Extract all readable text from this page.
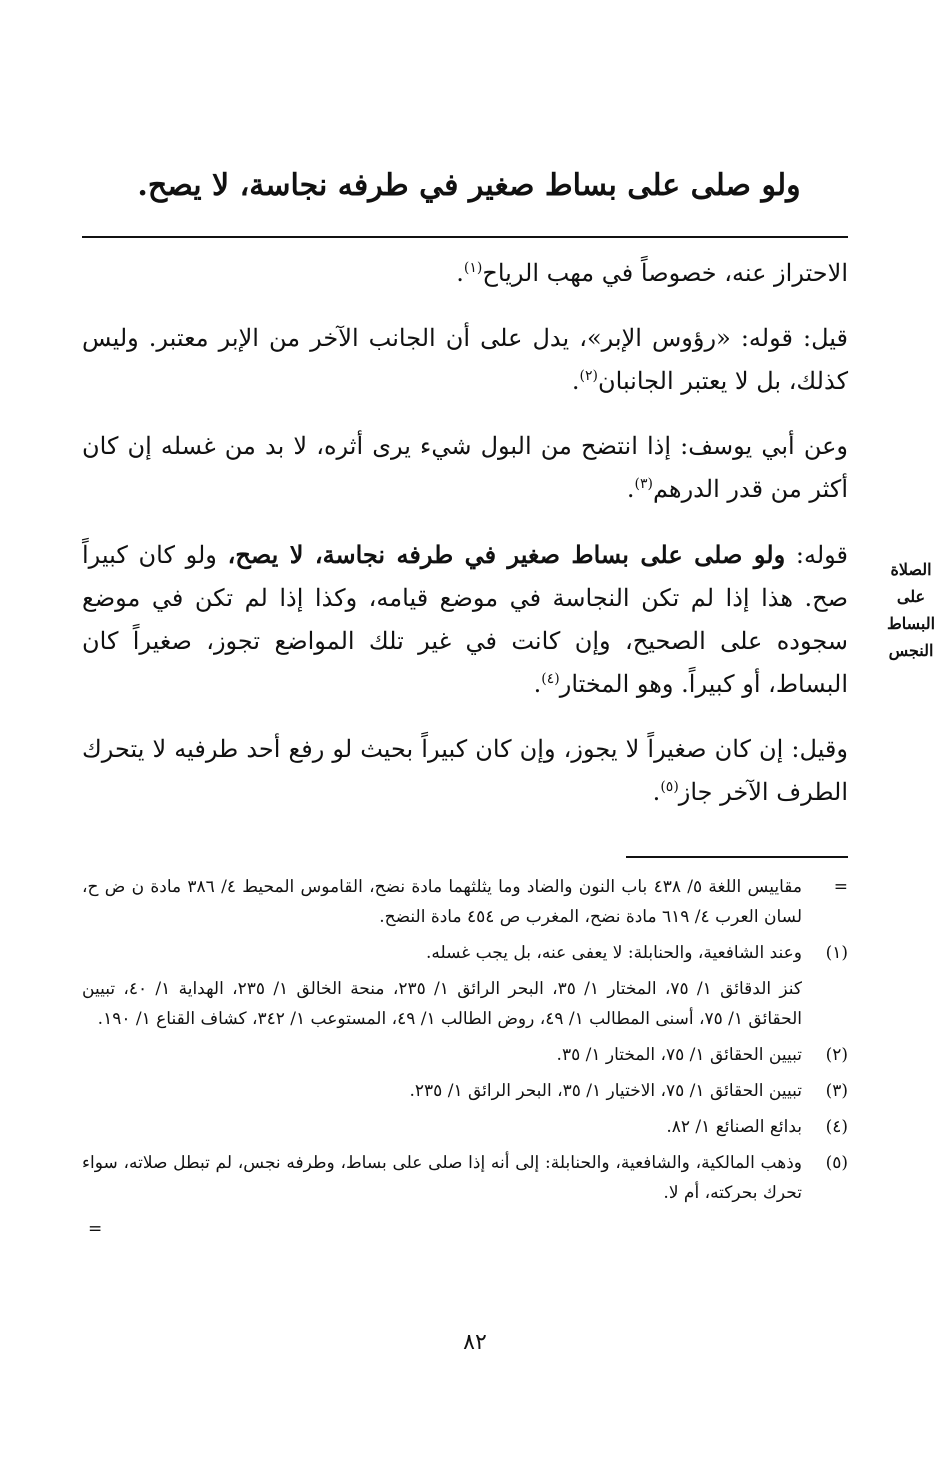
ولو صلى على بساط صغير في طرفه نجاسة، لا يصح.
الصلاة على البساط النجس

الاحتراز عنه، خصوصاً في مهب الرياح$^{(١)}$.

قيل: قوله: «رؤوس الإبر»، يدل على أن الجانب الآخر من الإبر معتبر. وليس كذلك، بل لا يعتبر الجانبان$^{(٢)}$.

وعن أبي يوسف: إذا انتضح من البول شيء يرى أثره، لا بد من غسله إن كان أكثر من قدر الدرهم$^{(٣)}$.

قوله: ولو صلى على بساط صغير في طرفه نجاسة، لا يصح، ولو كان كبيراً صح. هذا إذا لم تكن النجاسة في موضع قيامه، وكذا إذا لم تكن في موضع سجوده على الصحيح، وإن كانت في غير تلك المواضع تجوز، صغيراً كان البساط، أو كبيراً. وهو المختار$^{(٤)}$.

وقيل: إن كان صغيراً لا يجوز، وإن كان كبيراً بحيث لو رفع أحد طرفيه لا يتحرك الطرف الآخر جاز$^{(٥)}$.

=
مقاييس اللغة ٥/ ٤٣٨ باب النون والضاد وما يثلثهما مادة نضح، القاموس المحيط ٤/ ٣٨٦ مادة ن ض ح، لسان العرب ٤/ ٦١٩ مادة نضح، المغرب ص ٤٥٤ مادة النضح.
(١)
وعند الشافعية، والحنابلة: لا يعفى عنه، بل يجب غسله.
كنز الدقائق ١/ ٧٥، المختار ١/ ٣٥، البحر الرائق ١/ ٢٣٥، منحة الخالق ١/ ٢٣٥، الهداية ١/ ٤٠، تبيين الحقائق ١/ ٧٥، أسنى المطالب ١/ ٤٩، روض الطالب ١/ ٤٩، المستوعب ١/ ٣٤٢، كشاف القناع ١/ ١٩٠.
(٢)
تبيين الحقائق ١/ ٧٥، المختار ١/ ٣٥.
(٣)
تبيين الحقائق ١/ ٧٥، الاختيار ١/ ٣٥، البحر الرائق ١/ ٢٣٥.
(٤)
بدائع الصنائع ١/ ٨٢.
(٥)
وذهب المالكية، والشافعية، والحنابلة: إلى أنه إذا صلى على بساط، وطرفه نجس، لم تبطل صلاته، سواء تحرك بحركته، أم لا.
=
٨٢
